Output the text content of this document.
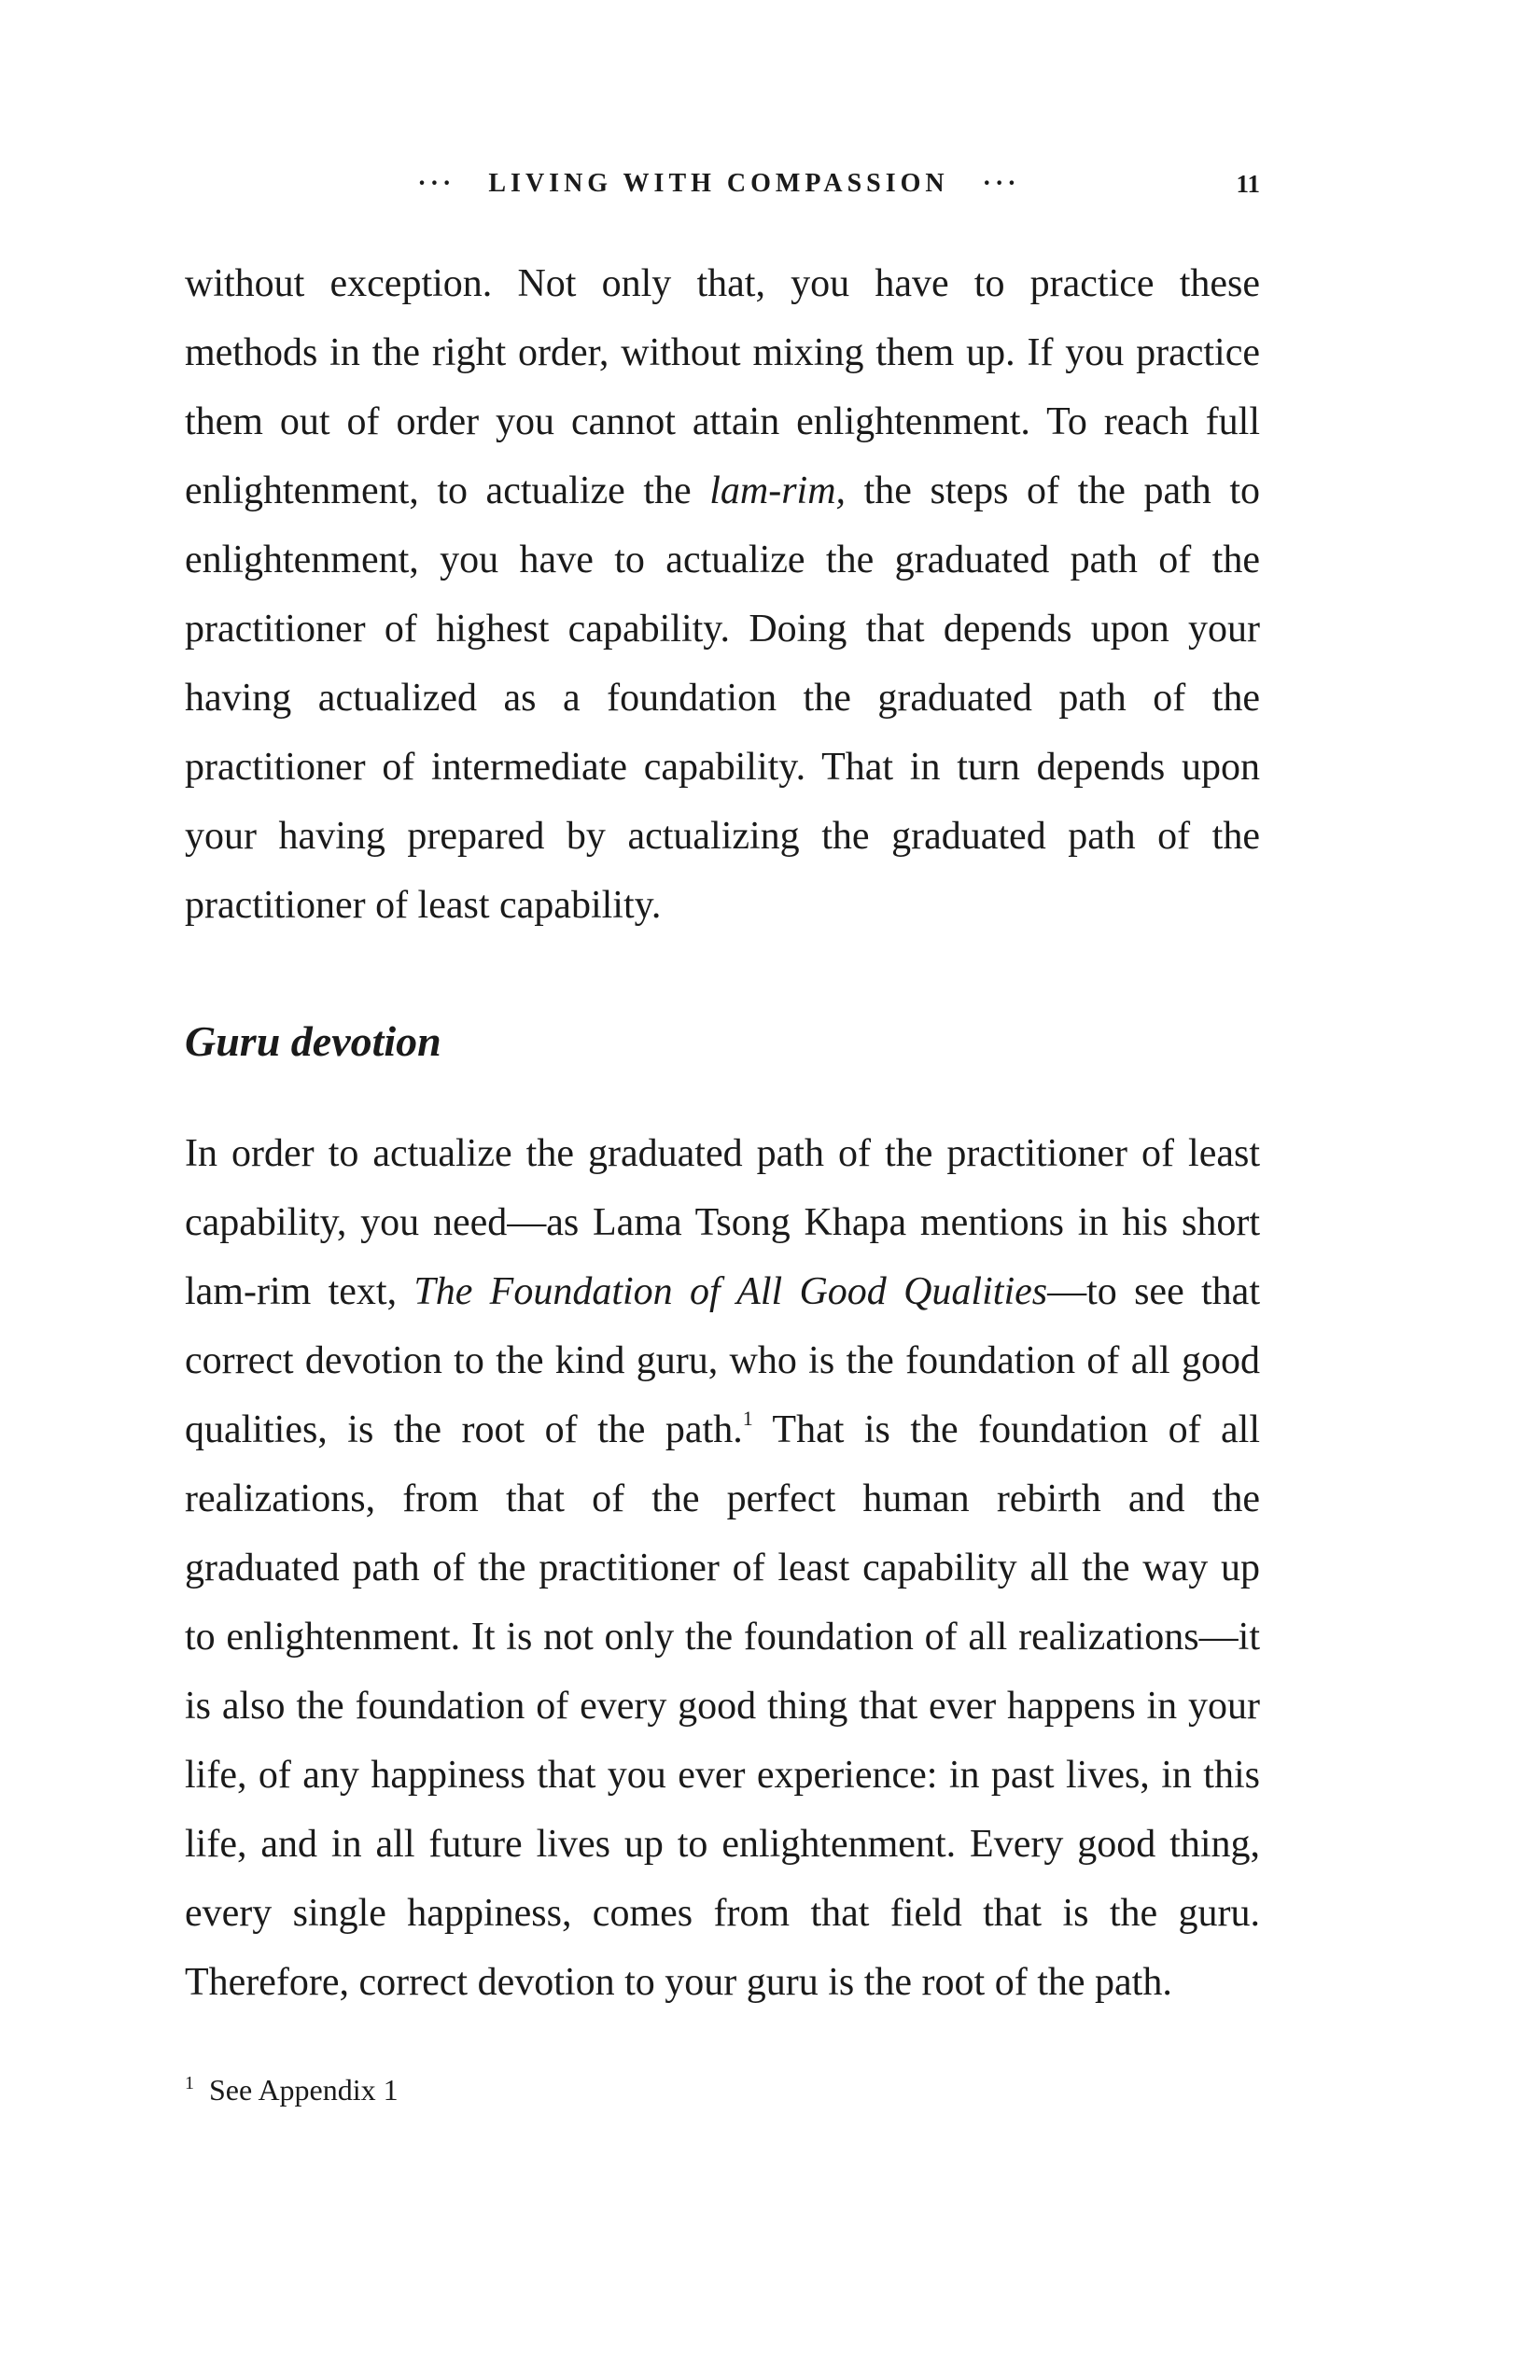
··· LIVING WITH COMPASSION ···	11

without exception. Not only that, you have to practice these methods in the right order, without mixing them up. If you practice them out of order you cannot attain enlightenment. To reach full enlightenment, to actualize the lam-rim, the steps of the path to enlightenment, you have to actualize the graduated path of the practitioner of highest capability. Doing that depends upon your having actualized as a foundation the graduated path of the practitioner of intermediate capability. That in turn depends upon your having prepared by actualizing the graduated path of the practitioner of least capability.

Guru devotion

In order to actualize the graduated path of the practitioner of least capability, you need—as Lama Tsong Khapa mentions in his short lam-rim text, The Foundation of All Good Qualities—to see that correct devotion to the kind guru, who is the foundation of all good qualities, is the root of the path.$^1$ That is the foundation of all realizations, from that of the perfect human rebirth and the graduated path of the practitioner of least capability all the way up to enlightenment. It is not only the foundation of all realizations—it is also the foundation of every good thing that ever happens in your life, of any happiness that you ever experience: in past lives, in this life, and in all future lives up to enlightenment. Every good thing, every single happiness, comes from that field that is the guru. Therefore, correct devotion to your guru is the root of the path.

$^1$ See Appendix 1
